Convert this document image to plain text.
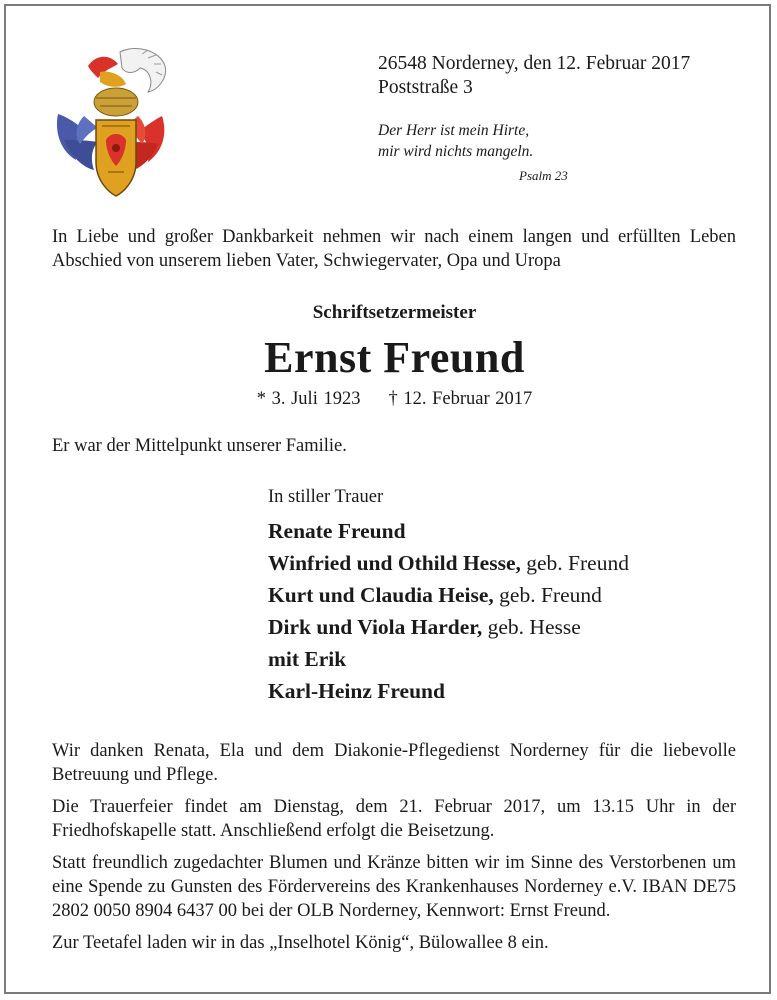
26548 Norderney, den 12. Februar 2017
Poststraße 3
Der Herr ist mein Hirte,
mir wird nichts mangeln.
Psalm 23
In Liebe und großer Dankbarkeit nehmen wir nach einem langen und erfüllten Leben Abschied von unserem lieben Vater, Schwiegervater, Opa und Uropa
Schriftsetzermeister
Ernst Freund
* 3. Juli 1923 † 12. Februar 2017
Er war der Mittelpunkt unserer Familie.
In stiller Trauer
Renate Freund
Winfried und Othild Hesse, geb. Freund
Kurt und Claudia Heise, geb. Freund
Dirk und Viola Harder, geb. Hesse
mit Erik
Karl-Heinz Freund

Wir danken Renata, Ela und dem Diakonie-Pflegedienst Norderney für die liebevolle Betreuung und Pflege.

Die Trauerfeier findet am Dienstag, dem 21. Februar 2017, um 13.15 Uhr in der Friedhofskapelle statt. Anschließend erfolgt die Beisetzung.

Statt freundlich zugedachter Blumen und Kränze bitten wir im Sinne des Verstorbenen um eine Spende zu Gunsten des Fördervereins des Krankenhauses Norderney e.V. IBAN DE75 2802 0050 8904 6437 00 bei der OLB Norderney, Kennwort: Ernst Freund.

Zur Teetafel laden wir in das „Inselhotel König“, Bülowallee 8 ein.
